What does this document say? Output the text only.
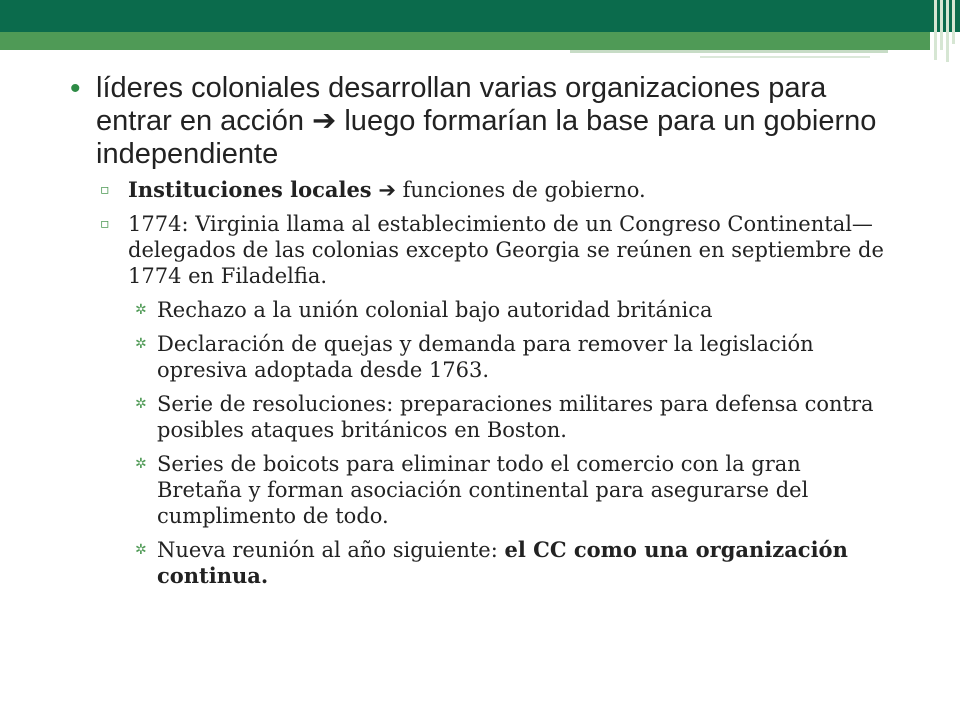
• líderes coloniales desarrollan varias organizaciones para entrar en acción ➔ luego formarían la base para un gobierno independiente
▫ Instituciones locales ➔ funciones de gobierno.
▫ 1774: Virginia llama al establecimiento de un Congreso Continental—delegados de las colonias excepto Georgia se reúnen en septiembre de 1774 en Filadelfia.
✲ Rechazo a la unión colonial bajo autoridad británica
✲ Declaración de quejas y demanda para remover la legislación opresiva adoptada desde 1763.
✲ Serie de resoluciones: preparaciones militares para defensa contra posibles ataques británicos en Boston.
✲ Series de boicots para eliminar todo el comercio con la gran Bretaña y forman asociación continental para asegurarse del cumplimento de todo.
✲ Nueva reunión al año siguiente: el CC como una organización continua.
